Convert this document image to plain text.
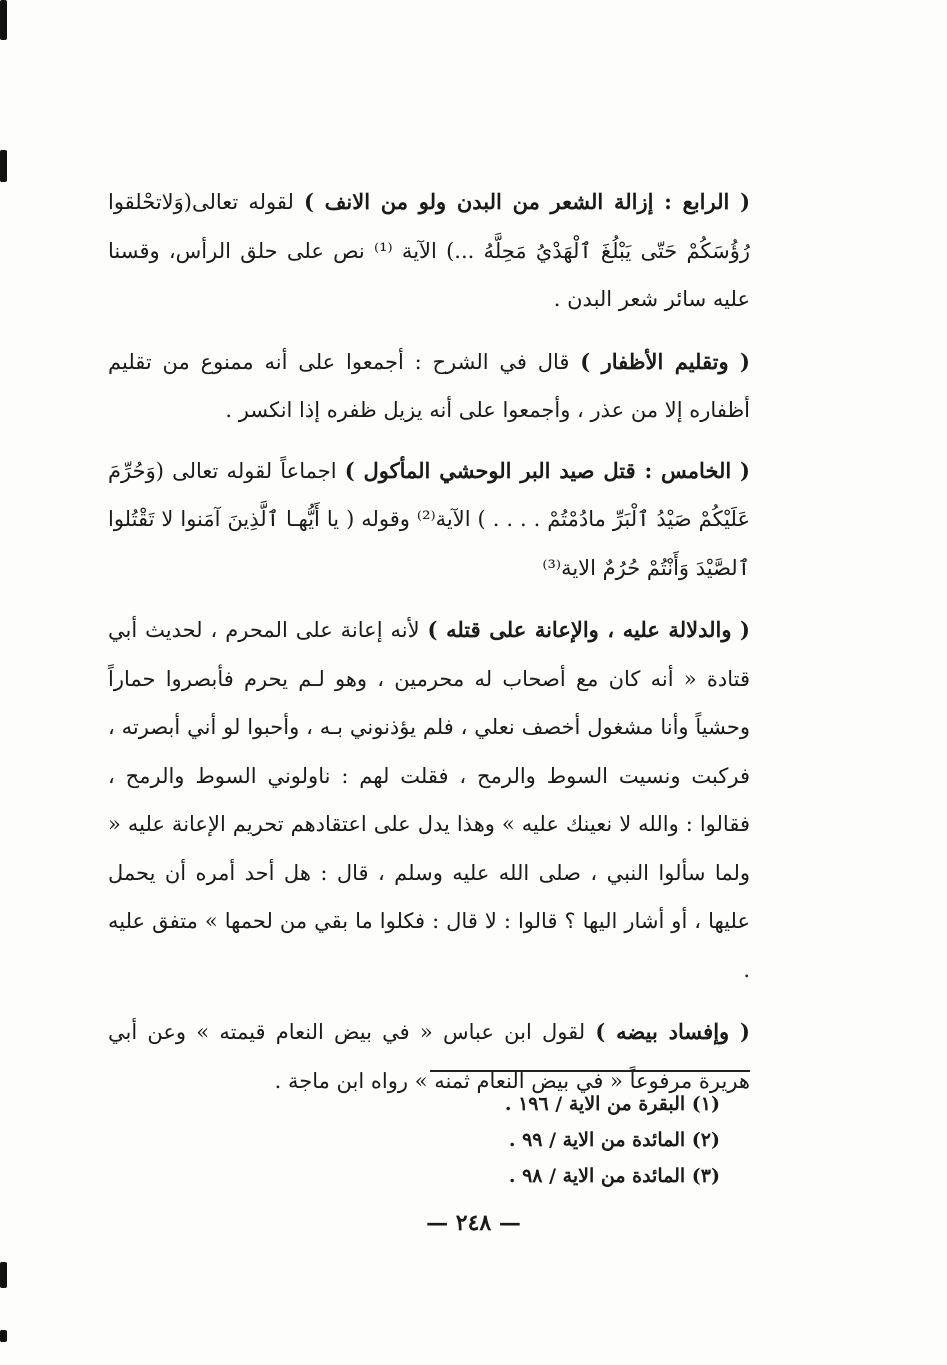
( الرابع : إزالة الشعر من البدن ولو من الانف ) لقوله تعالى(وَلاتحْلقوا رُؤُسَكُمْ حَتّى يَبْلُغَ ٱلْهَدْيُ مَحِلَّهُ ...) الآية ⁽¹⁾ نص على حلق الرأس، وقسنا عليه سائر شعر البدن .

( وتقليم الأظفار ) قال في الشرح : أجمعوا على أنه ممنوع من تقليم أظفاره إلا من عذر ، وأجمعوا على أنه يزيل ظفره إذا انكسر .

( الخامس : قتل صيد البر الوحشي المأكول ) اجماعاً لقوله تعالى (وَحُرِّمَ عَلَيْكُمْ صَيْدُ ٱلْبَرِّ مادُمْتُمْ . . . . ) الآية⁽²⁾ وقوله ( يا أَيُّهـا ٱلَّذِينَ آمَنوا لا تَقْتُلوا ٱلصَّيْدَ وَأَنْتُمْ حُرُمٌ الاية⁽³⁾

( والدلالة عليه ، والإعانة على قتله ) لأنه إعانة على المحرم ، لحديث أبي قتادة « أنه كان مع أصحاب له محرمين ، وهو لـم يحرم فأبصروا حماراً وحشياً وأنا مشغول أخصف نعلي ، فلم يؤذنوني بـه ، وأحبوا لو أني أبصرته ، فركبت ونسيت السوط والرمح ، فقلت لهم : ناولوني السوط والرمح ، فقالوا : والله لا نعينك عليه » وهذا يدل على اعتقادهم تحريم الإعانة عليه « ولما سألوا النبي ، صلى الله عليه وسلم ، قال : هل أحد أمره أن يحمل عليها ، أو أشار اليها ؟ قالوا : لا قال : فكلوا ما بقي من لحمها » متفق عليه .

( وإفساد بيضه ) لقول ابن عباس « في بيض النعام قيمته » وعن أبي هريرة مرفوعاً « في بيض النعام ثمنه » رواه ابن ماجة .

(١) البقرة من الاية / ١٩٦ .
(٢) المائدة من الاية / ٩٩ .
(٣) المائدة من الاية / ٩٨ .
— ٢٤٨ —
